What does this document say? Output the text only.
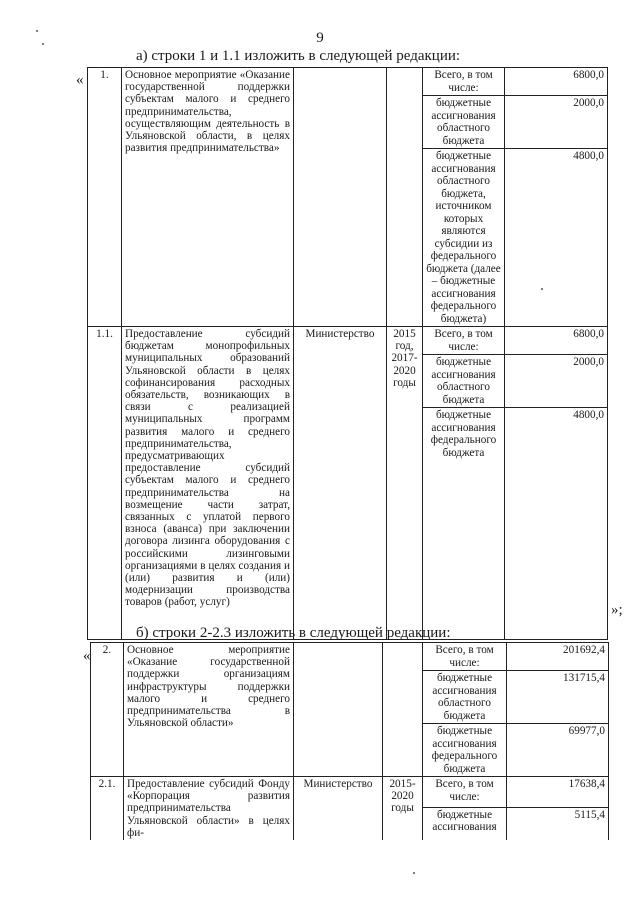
9
а) строки 1 и 1.1 изложить в следующей редакции:
« 1.	Основное мероприятие «Оказание государственной поддержки субъектам малого и среднего предпринимательства, осуществляющим деятельность в Ульяновской области, в целях развития предпринимательства»			Всего, в том числе:	6800,0
				бюджетные ассигнования областного бюджета	2000,0
				бюджетные ассигнования областного бюджета, источником которых являются субсидии из федерального бюджета (далее – бюджетные ассигнования федерального бюджета)	4800,0
1.1.	Предоставление субсидий бюджетам монопрофильных муниципальных образований Ульяновской области в целях софинансирования расходных обязательств, возникающих в связи с реализацией муниципальных программ развития малого и среднего предпринимательства, предусматривающих предоставление субсидий субъектам малого и среднего предпринимательства на возмещение части затрат, связанных с уплатой первого взноса (аванса) при заключении договора лизинга оборудования с российскими лизинговыми организациями в целях создания и (или) развития и (или) модернизации производства товаров (работ, услуг)	Министерство	2015 год, 2017-2020 годы	Всего, в том числе:	6800,0
				бюджетные ассигнования областного бюджета	2000,0
				бюджетные ассигнования федерального бюджета	4800,0
»;
б) строки 2-2.3 изложить в следующей редакции:
« 2.	Основное мероприятие «Оказание государственной поддержки организациям инфраструктуры поддержки малого и среднего предпринимательства в Ульяновской области»			Всего, в том числе:	201692,4
				бюджетные ассигнования областного бюджета	131715,4
				бюджетные ассигнования федерального бюджета	69977,0
2.1.	Предоставление субсидий Фонду «Корпорация развития предпринимательства Ульяновской области» в целях фи-	Министерство	2015-2020 годы	Всего, в том числе:	17638,4
				бюджетные ассигнования	5115,4
